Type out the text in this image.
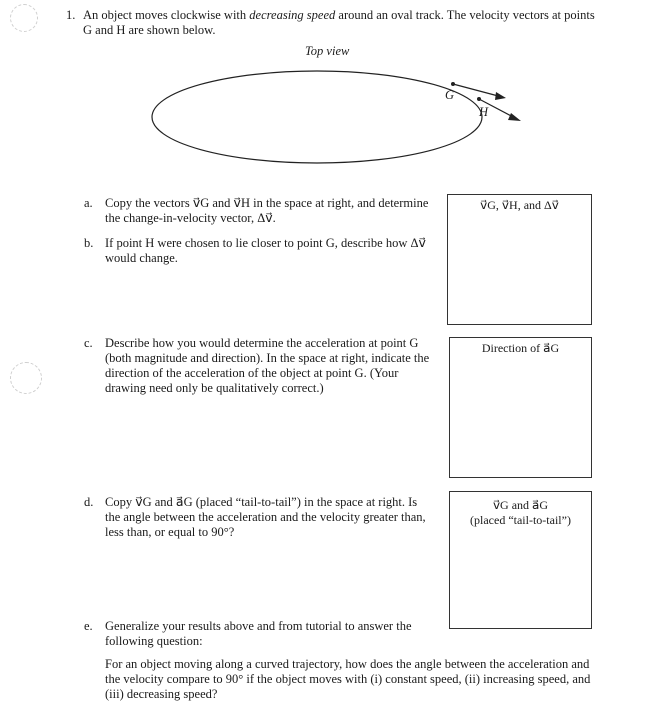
1. An object moves clockwise with decreasing speed around an oval track. The velocity vectors at points G and H are shown below.
Top view
G
H
a. Copy the vectors v⃗G and v⃗H in the space at right, and determine the change-in-velocity vector, Δv⃗.
b. If point H were chosen to lie closer to point G, describe how Δv⃗ would change.
v⃗G, v⃗H, and Δv⃗
c. Describe how you would determine the acceleration at point G (both magnitude and direction). In the space at right, indicate the direction of the acceleration of the object at point G. (Your drawing need only be qualitatively correct.)
Direction of a⃗G
d. Copy v⃗G and a⃗G (placed “tail-to-tail”) in the space at right. Is the angle between the acceleration and the velocity greater than, less than, or equal to 90°?
v⃗G and a⃗G
(placed “tail-to-tail”)
e. Generalize your results above and from tutorial to answer the following question:
For an object moving along a curved trajectory, how does the angle between the acceleration and the velocity compare to 90° if the object moves with (i) constant speed, (ii) increasing speed, and (iii) decreasing speed?
